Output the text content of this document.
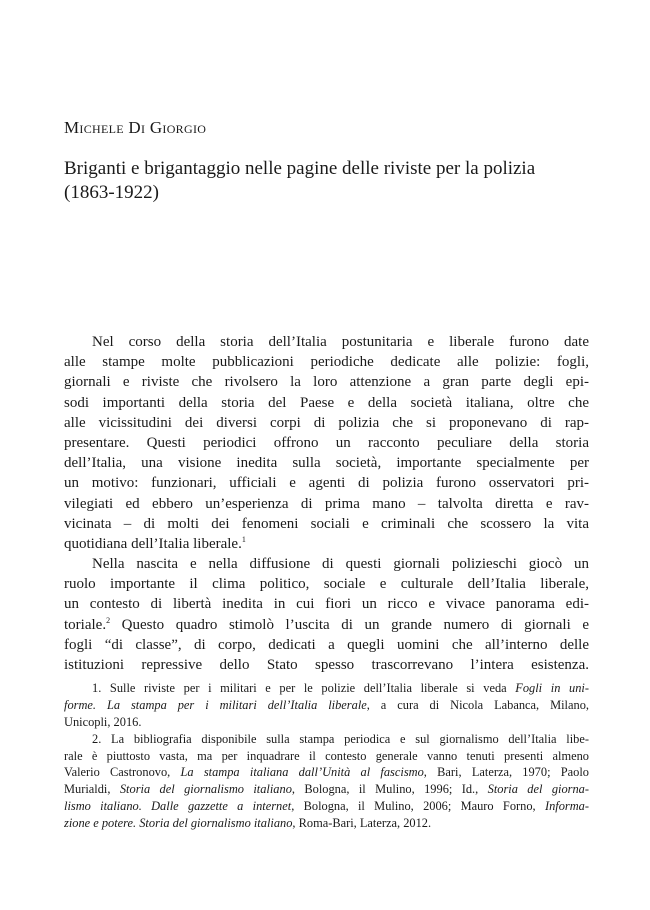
Michele Di Giorgio
Briganti e brigantaggio nelle pagine delle riviste per la polizia
(1863-1922)
Nel corso della storia dell’Italia postunitaria e liberale furono date
alle stampe molte pubblicazioni periodiche dedicate alle polizie: fogli,
giornali e riviste che rivolsero la loro attenzione a gran parte degli epi-
sodi importanti della storia del Paese e della società italiana, oltre che
alle vicissitudini dei diversi corpi di polizia che si proponevano di rap-
presentare. Questi periodici offrono un racconto peculiare della storia
dell’Italia, una visione inedita sulla società, importante specialmente per
un motivo: funzionari, ufficiali e agenti di polizia furono osservatori pri-
vilegiati ed ebbero un’esperienza di prima mano – talvolta diretta e rav-
vicinata – di molti dei fenomeni sociali e criminali che scossero la vita
quotidiana dell’Italia liberale.$^1$
Nella nascita e nella diffusione di questi giornali polizieschi giocò un
ruolo importante il clima politico, sociale e culturale dell’Italia liberale,
un contesto di libertà inedita in cui fiori un ricco e vivace panorama edi-
toriale.$^2$ Questo quadro stimolò l’uscita di un grande numero di giornali e
fogli “di classe”, di corpo, dedicati a quegli uomini che all’interno delle
istituzioni repressive dello Stato spesso trascorrevano l’intera esistenza.
1. Sulle riviste per i militari e per le polizie dell’Italia liberale si veda Fogli in uni-
forme. La stampa per i militari dell’Italia liberale, a cura di Nicola Labanca, Milano,
Unicopli, 2016.
2. La bibliografia disponibile sulla stampa periodica e sul giornalismo dell’Italia libe-
rale è piuttosto vasta, ma per inquadrare il contesto generale vanno tenuti presenti almeno
Valerio Castronovo, La stampa italiana dall’Unità al fascismo, Bari, Laterza, 1970; Paolo
Murialdi, Storia del giornalismo italiano, Bologna, il Mulino, 1996; Id., Storia del giorna-
lismo italiano. Dalle gazzette a internet, Bologna, il Mulino, 2006; Mauro Forno, Informa-
zione e potere. Storia del giornalismo italiano, Roma-Bari, Laterza, 2012.
